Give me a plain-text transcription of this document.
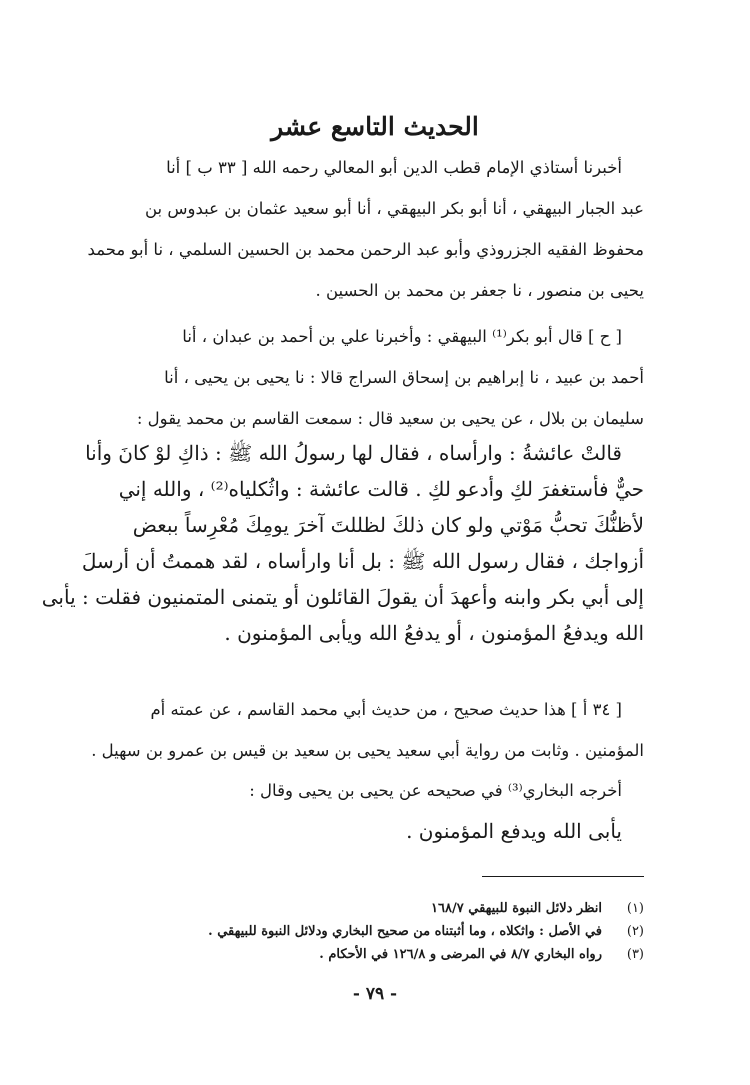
الحديث التاسع عشر
أخبرنا أستاذي الإمام قطب الدين أبو المعالي رحمه الله [ ٣٣ ب ] أنا
عبد الجبار البيهقي ، أنا أبو بكر البيهقي ، أنا أبو سعيد عثمان بن عبدوس بن
محفوظ الفقيه الجزروذي وأبو عبد الرحمن محمد بن الحسين السلمي ، نا أبو محمد
يحيى بن منصور ، نا جعفر بن محمد بن الحسين .
[ ح ] قال أبو بكر⁽¹⁾ البيهقي : وأخبرنا علي بن أحمد بن عبدان ، أنا
أحمد بن عبيد ، نا إبراهيم بن إسحاق السراج قالا : نا يحيى بن يحيى ، أنا
سليمان بن بلال ، عن يحيى بن سعيد قال : سمعت القاسم بن محمد يقول :
قالتْ عائشةُ : وارأساه ، فقال لها رسولُ الله ﷺ : ذاكِ لوْ كانَ وأنا
حيٌّ فأستغفرَ لكِ وأدعو لكِ . قالت عائشة : واثُكلياه⁽²⁾ ، والله إني
لأظنُّكَ تحبُّ مَوْتي ولو كان ذلكَ لظللتَ آخرَ يومِكَ مُعْرِساً ببعض
أزواجك ، فقال رسول الله ﷺ : بل أنا وارأساه ، لقد هممتُ أن أرسلَ
إلى أبي بكر وابنه وأعهدَ أن يقولَ القائلون أو يتمنى المتمنيون فقلت : يأبى
الله ويدفعُ المؤمنون ، أو يدفعُ الله ويأبى المؤمنون .
[ ٣٤ أ ] هذا حديث صحيح ، من حديث أبي محمد القاسم ، عن عمته أم
المؤمنين . وثابت من رواية أبي سعيد يحيى بن سعيد بن قيس بن عمرو بن سهيل .
أخرجه البخاري⁽³⁾ في صحيحه عن يحيى بن يحيى وقال :
يأبى الله ويدفع المؤمنون .
(١)
انظر دلائل النبوة للبيهقي ١٦٨/٧
(٢)
في الأصل : واثكلاه ، وما أثبتناه من صحيح البخاري ودلائل النبوة للبيهقي .
(٣)
رواه البخاري ٨/٧ في المرضى و ١٢٦/٨ في الأحكام .
- ٧٩ -
